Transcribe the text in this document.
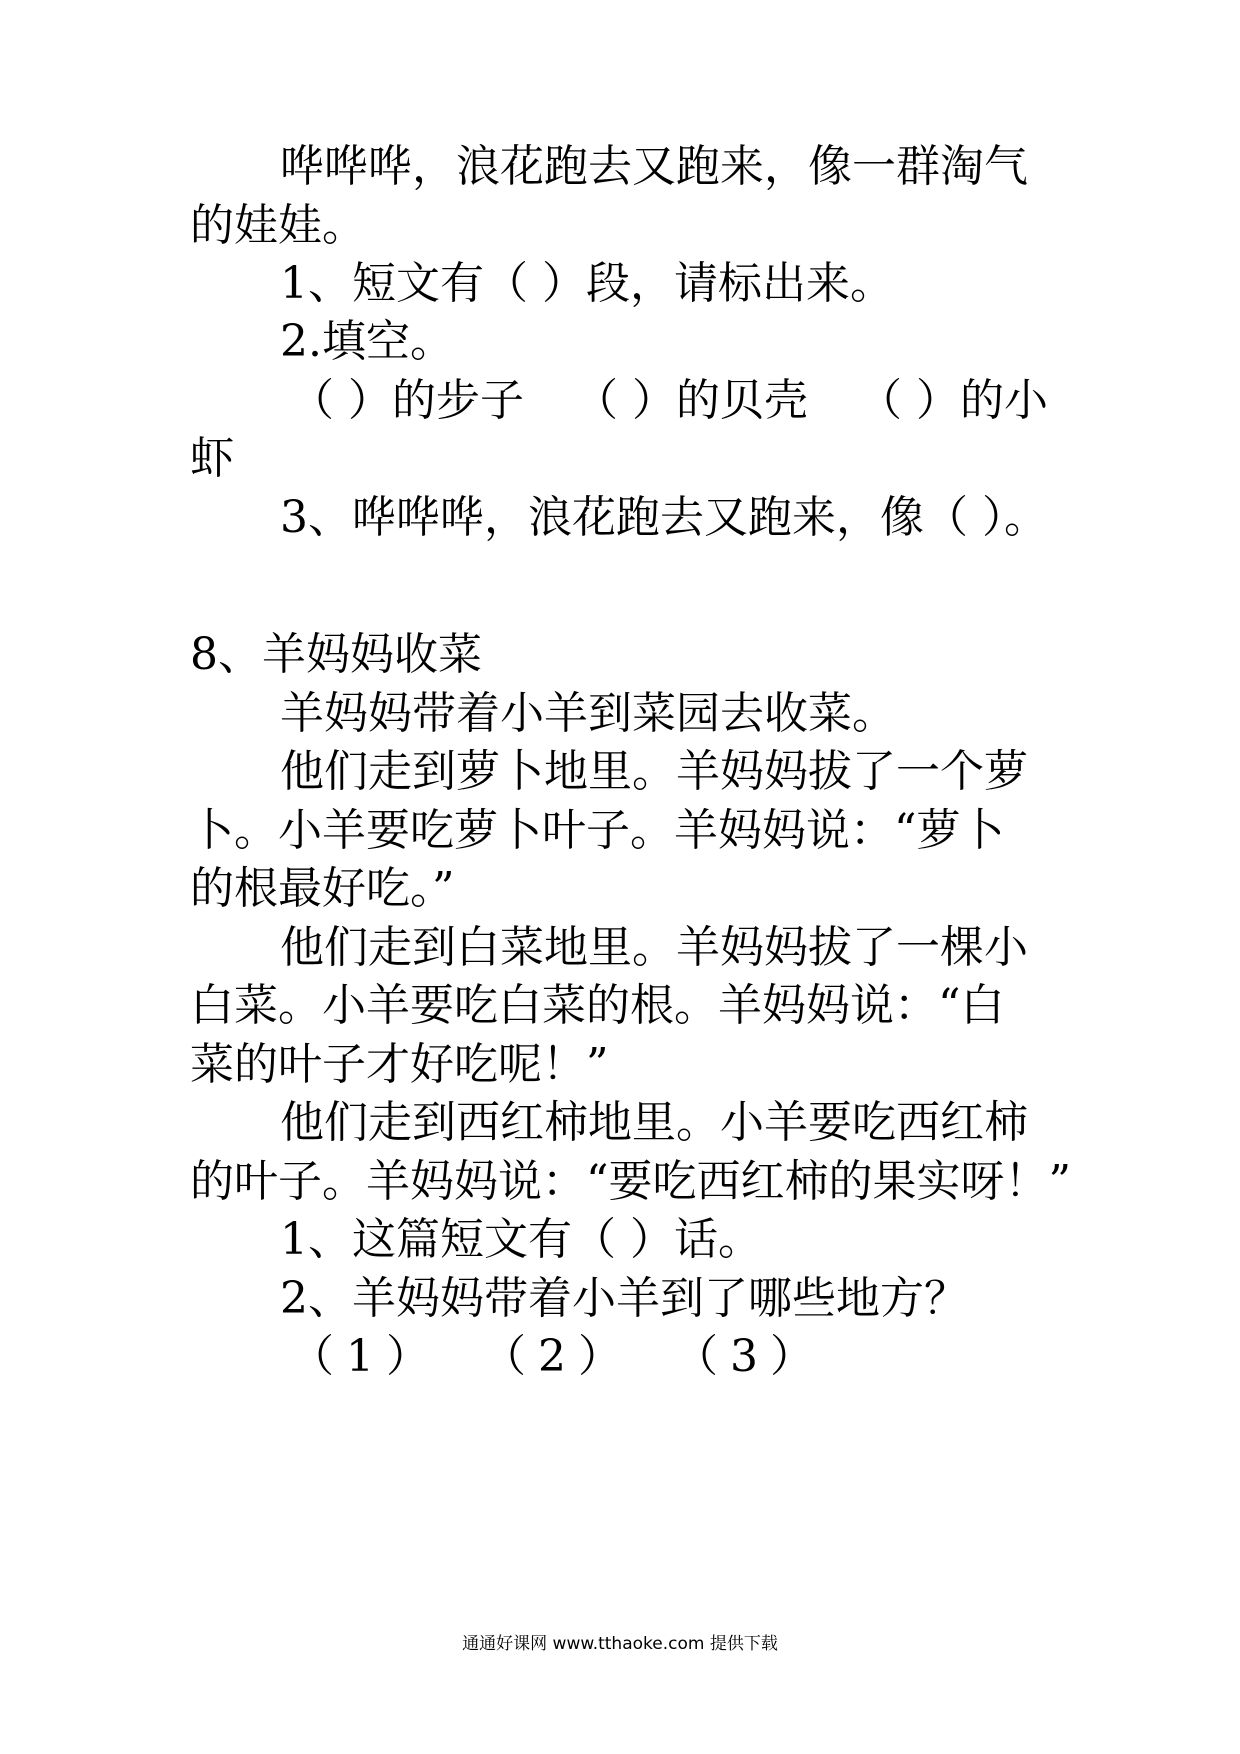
哗哗哗，浪花跑去又跑来，像一群淘气
的娃娃。
1、短文有（ ）段，请标出来。
2.填空。
（ ）的步子 （ ）的贝壳 （ ）的小
虾
3、哗哗哗，浪花跑去又跑来，像（ ）。
8、羊妈妈收菜
羊妈妈带着小羊到菜园去收菜。
他们走到萝卜地里。羊妈妈拔了一个萝
卜。小羊要吃萝卜叶子。羊妈妈说：“萝卜
的根最好吃。”
他们走到白菜地里。羊妈妈拔了一棵小
白菜。小羊要吃白菜的根。羊妈妈说：“白
菜的叶子才好吃呢！”
他们走到西红柿地里。小羊要吃西红柿
的叶子。羊妈妈说：“要吃西红柿的果实呀！”
1、这篇短文有（ ）话。
2、羊妈妈带着小羊到了哪些地方？
（1） （2） （3）
通通好课网 www.tthaoke.com 提供下载
